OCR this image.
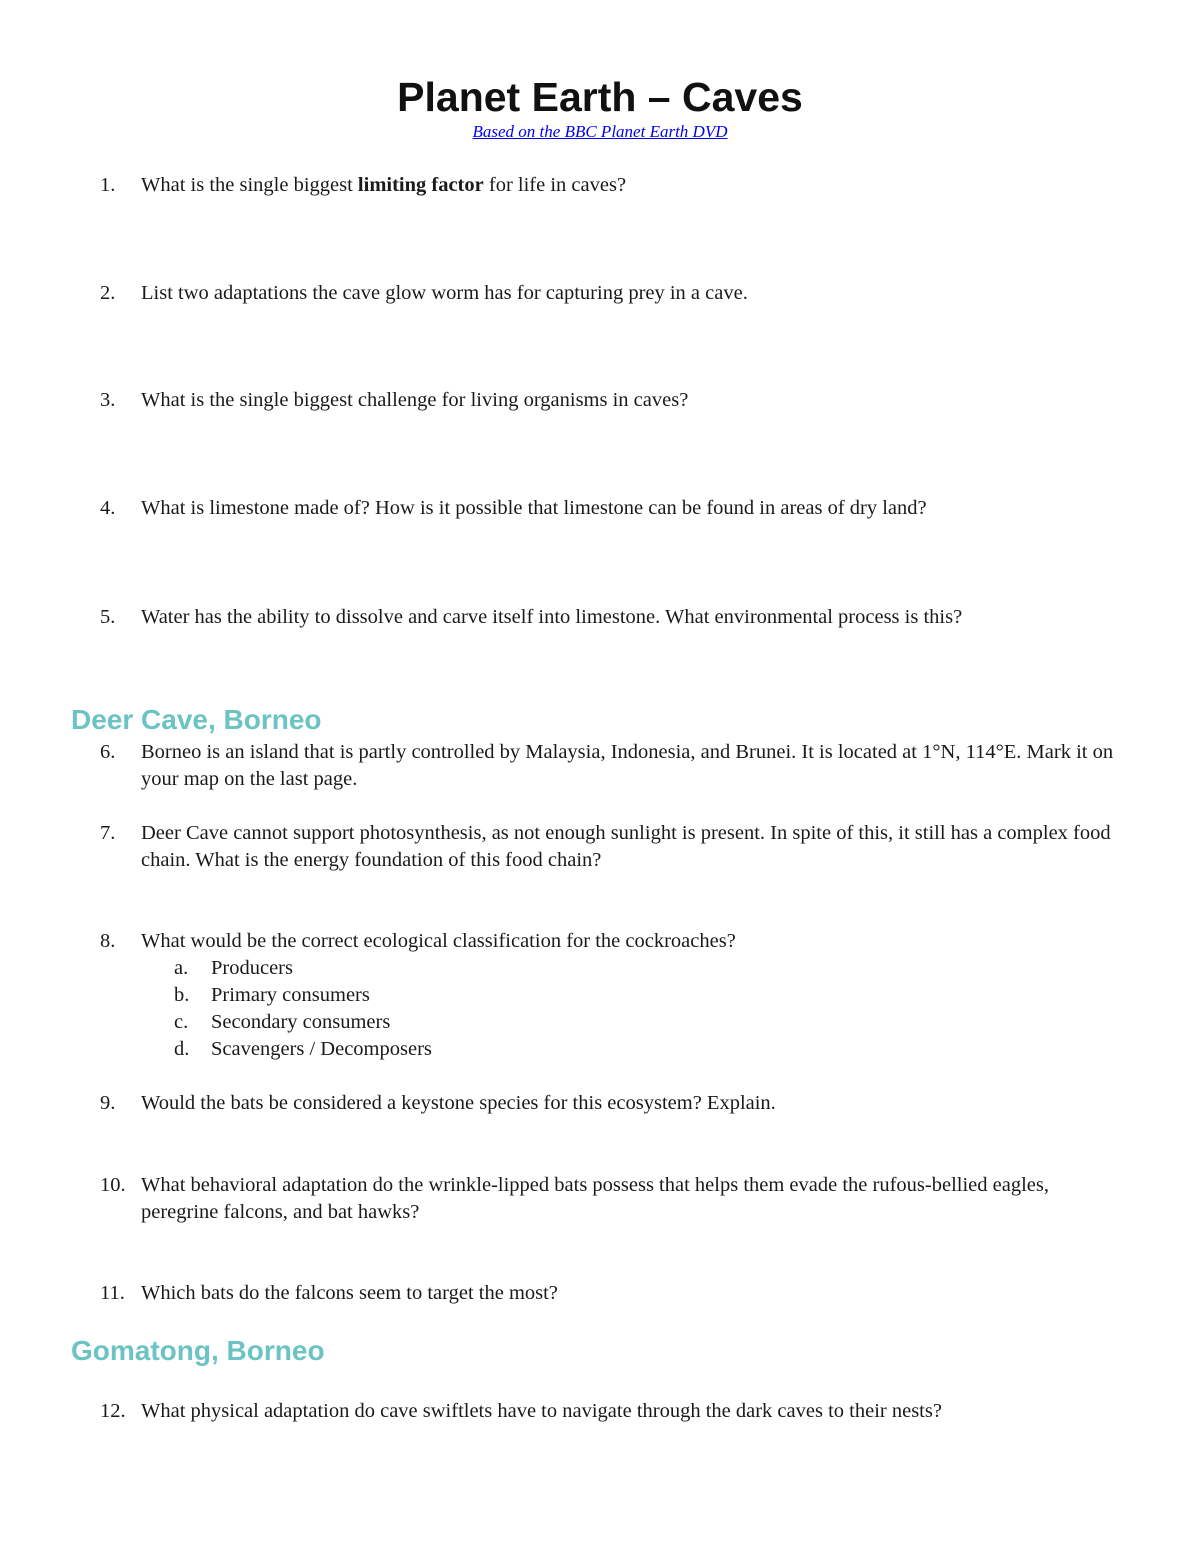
Planet Earth – Caves
Based on the BBC Planet Earth DVD
1.	What is the single biggest limiting factor for life in caves?
2.	List two adaptations the cave glow worm has for capturing prey in a cave.
3.	What is the single biggest challenge for living organisms in caves?
4.	What is limestone made of? How is it possible that limestone can be found in areas of dry land?
5.	Water has the ability to dissolve and carve itself into limestone. What environmental process is this?
Deer Cave, Borneo
6.	Borneo is an island that is partly controlled by Malaysia, Indonesia, and Brunei. It is located at 1°N, 114°E. Mark it on your map on the last page.
7.	Deer Cave cannot support photosynthesis, as not enough sunlight is present. In spite of this, it still has a complex food chain. What is the energy foundation of this food chain?
8.	What would be the correct ecological classification for the cockroaches?
a.	Producers
b.	Primary consumers
c.	Secondary consumers
d.	Scavengers / Decomposers
9.	Would the bats be considered a keystone species for this ecosystem? Explain.
10. What behavioral adaptation do the wrinkle-lipped bats possess that helps them evade the rufous-bellied eagles, peregrine falcons, and bat hawks?
11. Which bats do the falcons seem to target the most?
Gomatong, Borneo
12. What physical adaptation do cave swiftlets have to navigate through the dark caves to their nests?
